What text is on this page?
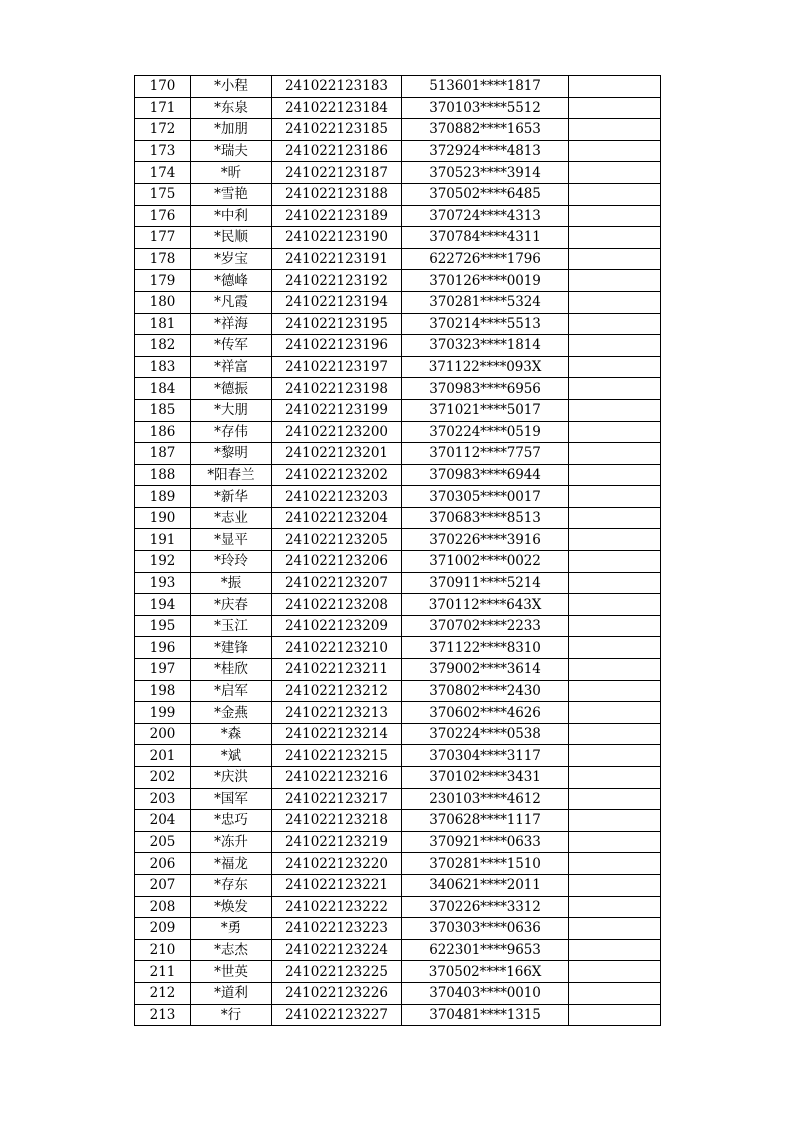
170	*小程	241022123183	513601****1817	
171	*东泉	241022123184	370103****5512	
172	*加朋	241022123185	370882****1653	
173	*瑞夫	241022123186	372924****4813	
174	*昕	241022123187	370523****3914	
175	*雪艳	241022123188	370502****6485	
176	*中利	241022123189	370724****4313	
177	*民顺	241022123190	370784****4311	
178	*岁宝	241022123191	622726****1796	
179	*德峰	241022123192	370126****0019	
180	*凡霞	241022123194	370281****5324	
181	*祥海	241022123195	370214****5513	
182	*传军	241022123196	370323****1814	
183	*祥富	241022123197	371122****093X	
184	*德振	241022123198	370983****6956	
185	*大朋	241022123199	371021****5017	
186	*存伟	241022123200	370224****0519	
187	*黎明	241022123201	370112****7757	
188	*阳春兰	241022123202	370983****6944	
189	*新华	241022123203	370305****0017	
190	*志业	241022123204	370683****8513	
191	*显平	241022123205	370226****3916	
192	*玲玲	241022123206	371002****0022	
193	*振	241022123207	370911****5214	
194	*庆春	241022123208	370112****643X	
195	*玉江	241022123209	370702****2233	
196	*建锋	241022123210	371122****8310	
197	*桂欣	241022123211	379002****3614	
198	*启军	241022123212	370802****2430	
199	*金燕	241022123213	370602****4626	
200	*森	241022123214	370224****0538	
201	*斌	241022123215	370304****3117	
202	*庆洪	241022123216	370102****3431	
203	*国军	241022123217	230103****4612	
204	*忠巧	241022123218	370628****1117	
205	*冻升	241022123219	370921****0633	
206	*福龙	241022123220	370281****1510	
207	*存东	241022123221	340621****2011	
208	*焕发	241022123222	370226****3312	
209	*勇	241022123223	370303****0636	
210	*志杰	241022123224	622301****9653	
211	*世英	241022123225	370502****166X	
212	*道利	241022123226	370403****0010	
213	*行	241022123227	370481****1315	
